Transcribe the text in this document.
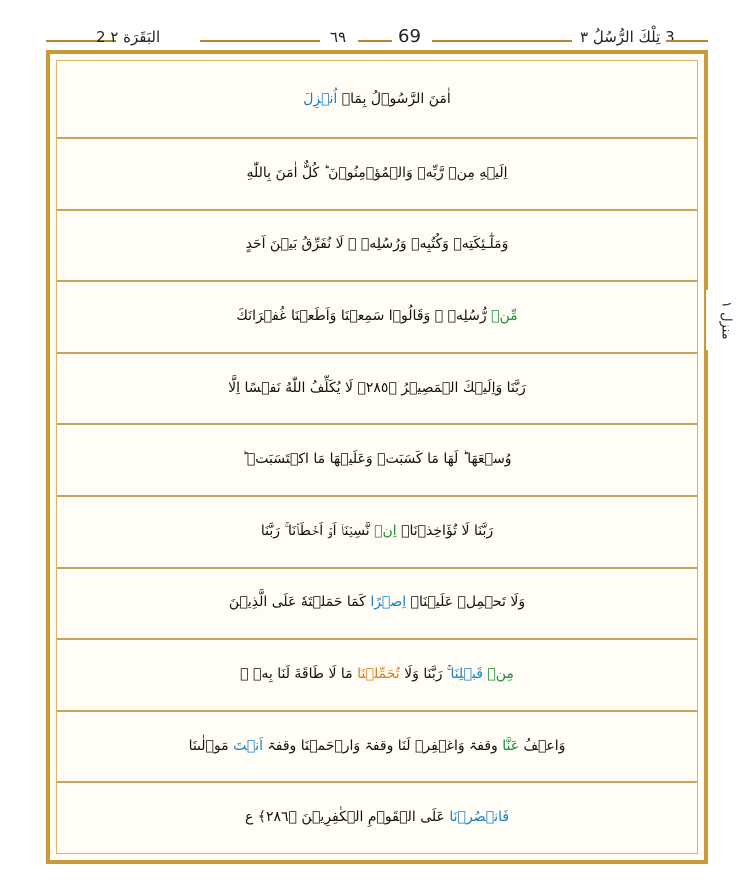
2 البَقَرَة ٢	٦٩	69	3 تِلْكَ الرُّسُلُ ٣
اٰمَنَ الرَّسُوۡلُ بِمَاۤ
اُنۡزِلَ
اِلَيۡهِ مِنۡ رَّبِّهٖ وَالۡمُؤۡمِنُوۡنَ ؕ كُلٌّ اٰمَنَ بِاللّٰهِ
وَمَلٰٓـئِكَتِهٖ وَكُتُبِهٖ وَرُسُلِهٖ ۚ لَا نُفَرِّقُ بَيۡنَ اَحَدٍ
مِّنۡ
رُّسُلِهٖ ۚ وَقَالُوۡا سَمِعۡنَا وَاَطَعۡنَا
غُفۡرَانَكَ
رَبَّنَا وَاِلَيۡكَ الۡمَصِيۡرُ ﴿٢٨٥﴾ لَا يُكَلِّفُ اللّٰهُ نَفۡسًا اِلَّا
وُسۡعَهَا ؕ لَهَا مَا كَسَبَتۡ وَعَلَيۡهَا مَا اكۡتَسَبَتۡ ؕ
رَبَّنَا لَا تُؤَاخِذۡنَاۤ
اِنۡ
نَّسِيۡنَاۤ اَوۡ اَخۡطَاۡنَا ۚ رَبَّنَا
وَلَا تَحۡمِلۡ عَلَيۡنَاۤ
اِصۡرًا
كَمَا حَمَلۡتَهٗ عَلَى الَّذِيۡنَ
مِنۡ

قَبۡلِنَا
ۚ رَبَّنَا وَلَا
تُحَمِّلۡنَا
مَا لَا طَاقَةَ لَنَا بِهٖ ۚ
وَاعۡفُ
عَنَّا
وقفۃ وَاغۡفِرۡ لَنَا وقفۃ وَارۡحَمۡنَا وقفۃ
اَنۡتَ
مَوۡلٰٮنَا
فَانۡصُرۡنَا
عَلَى الۡقَوۡمِ الۡكٰفِرِيۡنَ ﴿٢٨٦﴾ ع
منزل ١
